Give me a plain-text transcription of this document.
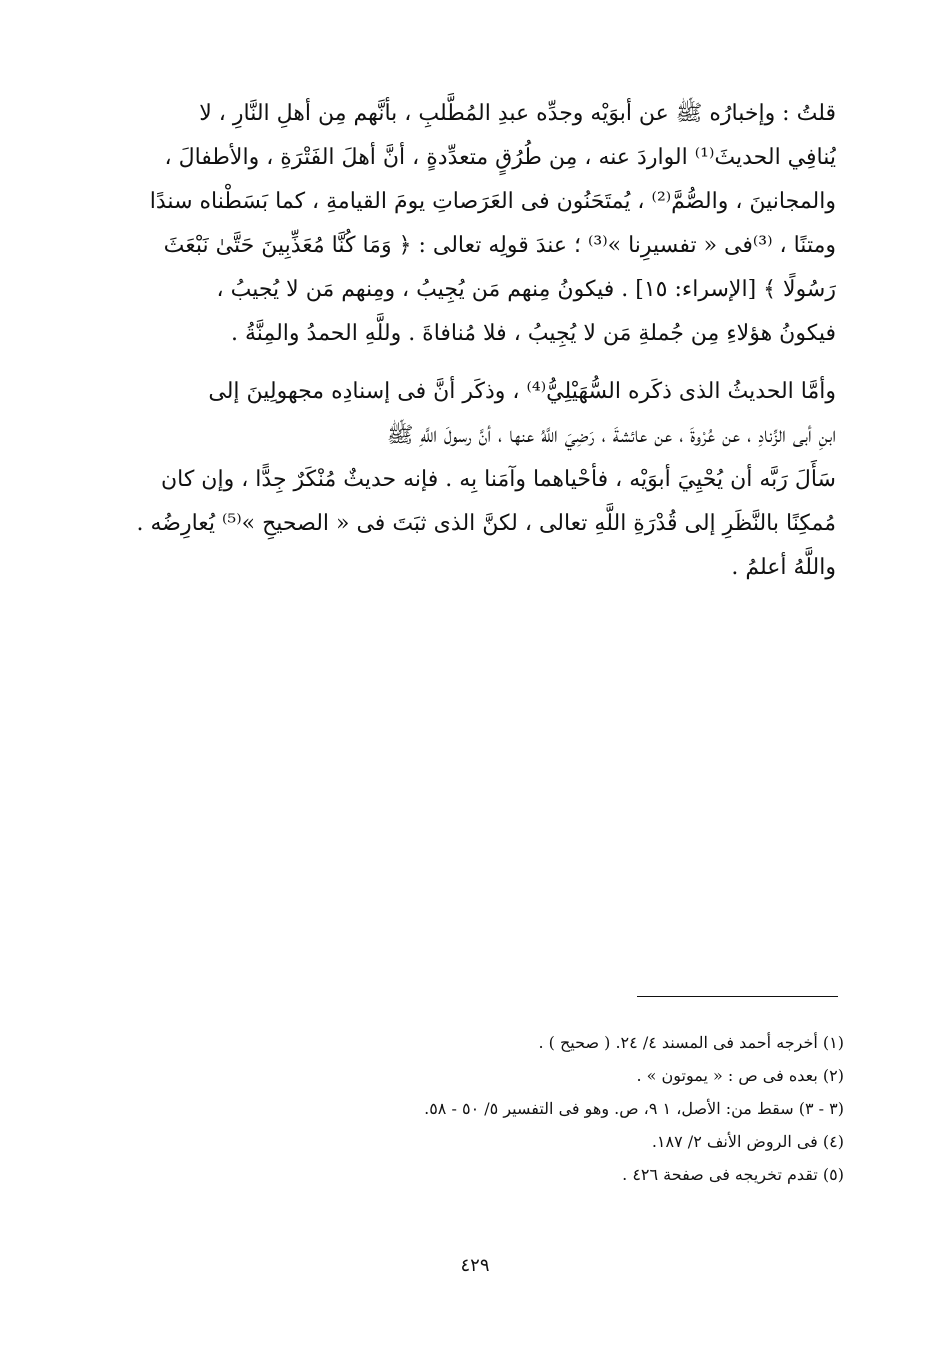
قلتُ : وإخبارُه ﷺ عن أبوَيْه وجدِّه عبدِ المُطَّلبِ ، بأنَّهم مِن أهلِ النَّارِ ، لا
يُنافِي الحديثَ⁽¹⁾ الواردَ عنه ، مِن طُرُقٍ متعدِّدةٍ ، أنَّ أهلَ الفَتْرَةِ ، والأطفالَ ،
والمجانينَ ، والصُّمَّ⁽²⁾ ، يُمتَحَنُون فى العَرَصاتِ يومَ القيامةِ ، كما بَسَطْناه سندًا
ومتنًا ، ⁽³⁾فى « تفسيرِنا »⁽³⁾ ؛ عندَ قولِه تعالى : ﴿ وَمَا كُنَّا مُعَذِّبِينَ حَتَّىٰ نَبْعَثَ
رَسُولًا ﴾ [الإسراء: ١٥] . فيكونُ مِنهم مَن يُجِيبُ ، ومِنهم مَن لا يُجيبُ ،
فيكونُ هؤلاءِ مِن جُملةِ مَن لا يُجِيبُ ، فلا مُنافاةَ . وللَّهِ الحمدُ والمِنَّةُ .
وأمَّا الحديثُ الذى ذكَره السُّهَيْلِيُّ⁽⁴⁾ ، وذكَر أنَّ فى إسنادِه مجهولِينَ إلى
ابنِ أبى الزِّنادِ ، عن عُرْوةَ ، عن عائشةَ ، رَضِيَ اللَّهُ عنها ، أنَّ رسولَ اللَّهِ ﷺ
سَأَلَ رَبَّه أن يُحْيِيَ أبوَيْه ، فأحْياهما وآمَنا بِه . فإنه حديثٌ مُنْكَرٌ جِدًّا ، وإن كان
مُمكِنًا بالنَّظَرِ إلى قُدْرَةِ اللَّهِ تعالى ، لكنَّ الذى ثبَتَ فى « الصحيحِ »⁽⁵⁾ يُعارِضُه .
واللَّهُ أعلمُ .
(١) أخرجه أحمد فى المسند ٤/ ٢٤. ( صحيح ) .
(٢) بعده فى ص : « يموتون » .
(٣ - ٣) سقط من: الأصل، ١ ٩، ص. وهو فى التفسير ٥/ ٥٠ - ٥٨.
(٤) فى الروض الأنف ٢/ ١٨٧.
(٥) تقدم تخريجه فى صفحة ٤٢٦ .
٤٢٩
